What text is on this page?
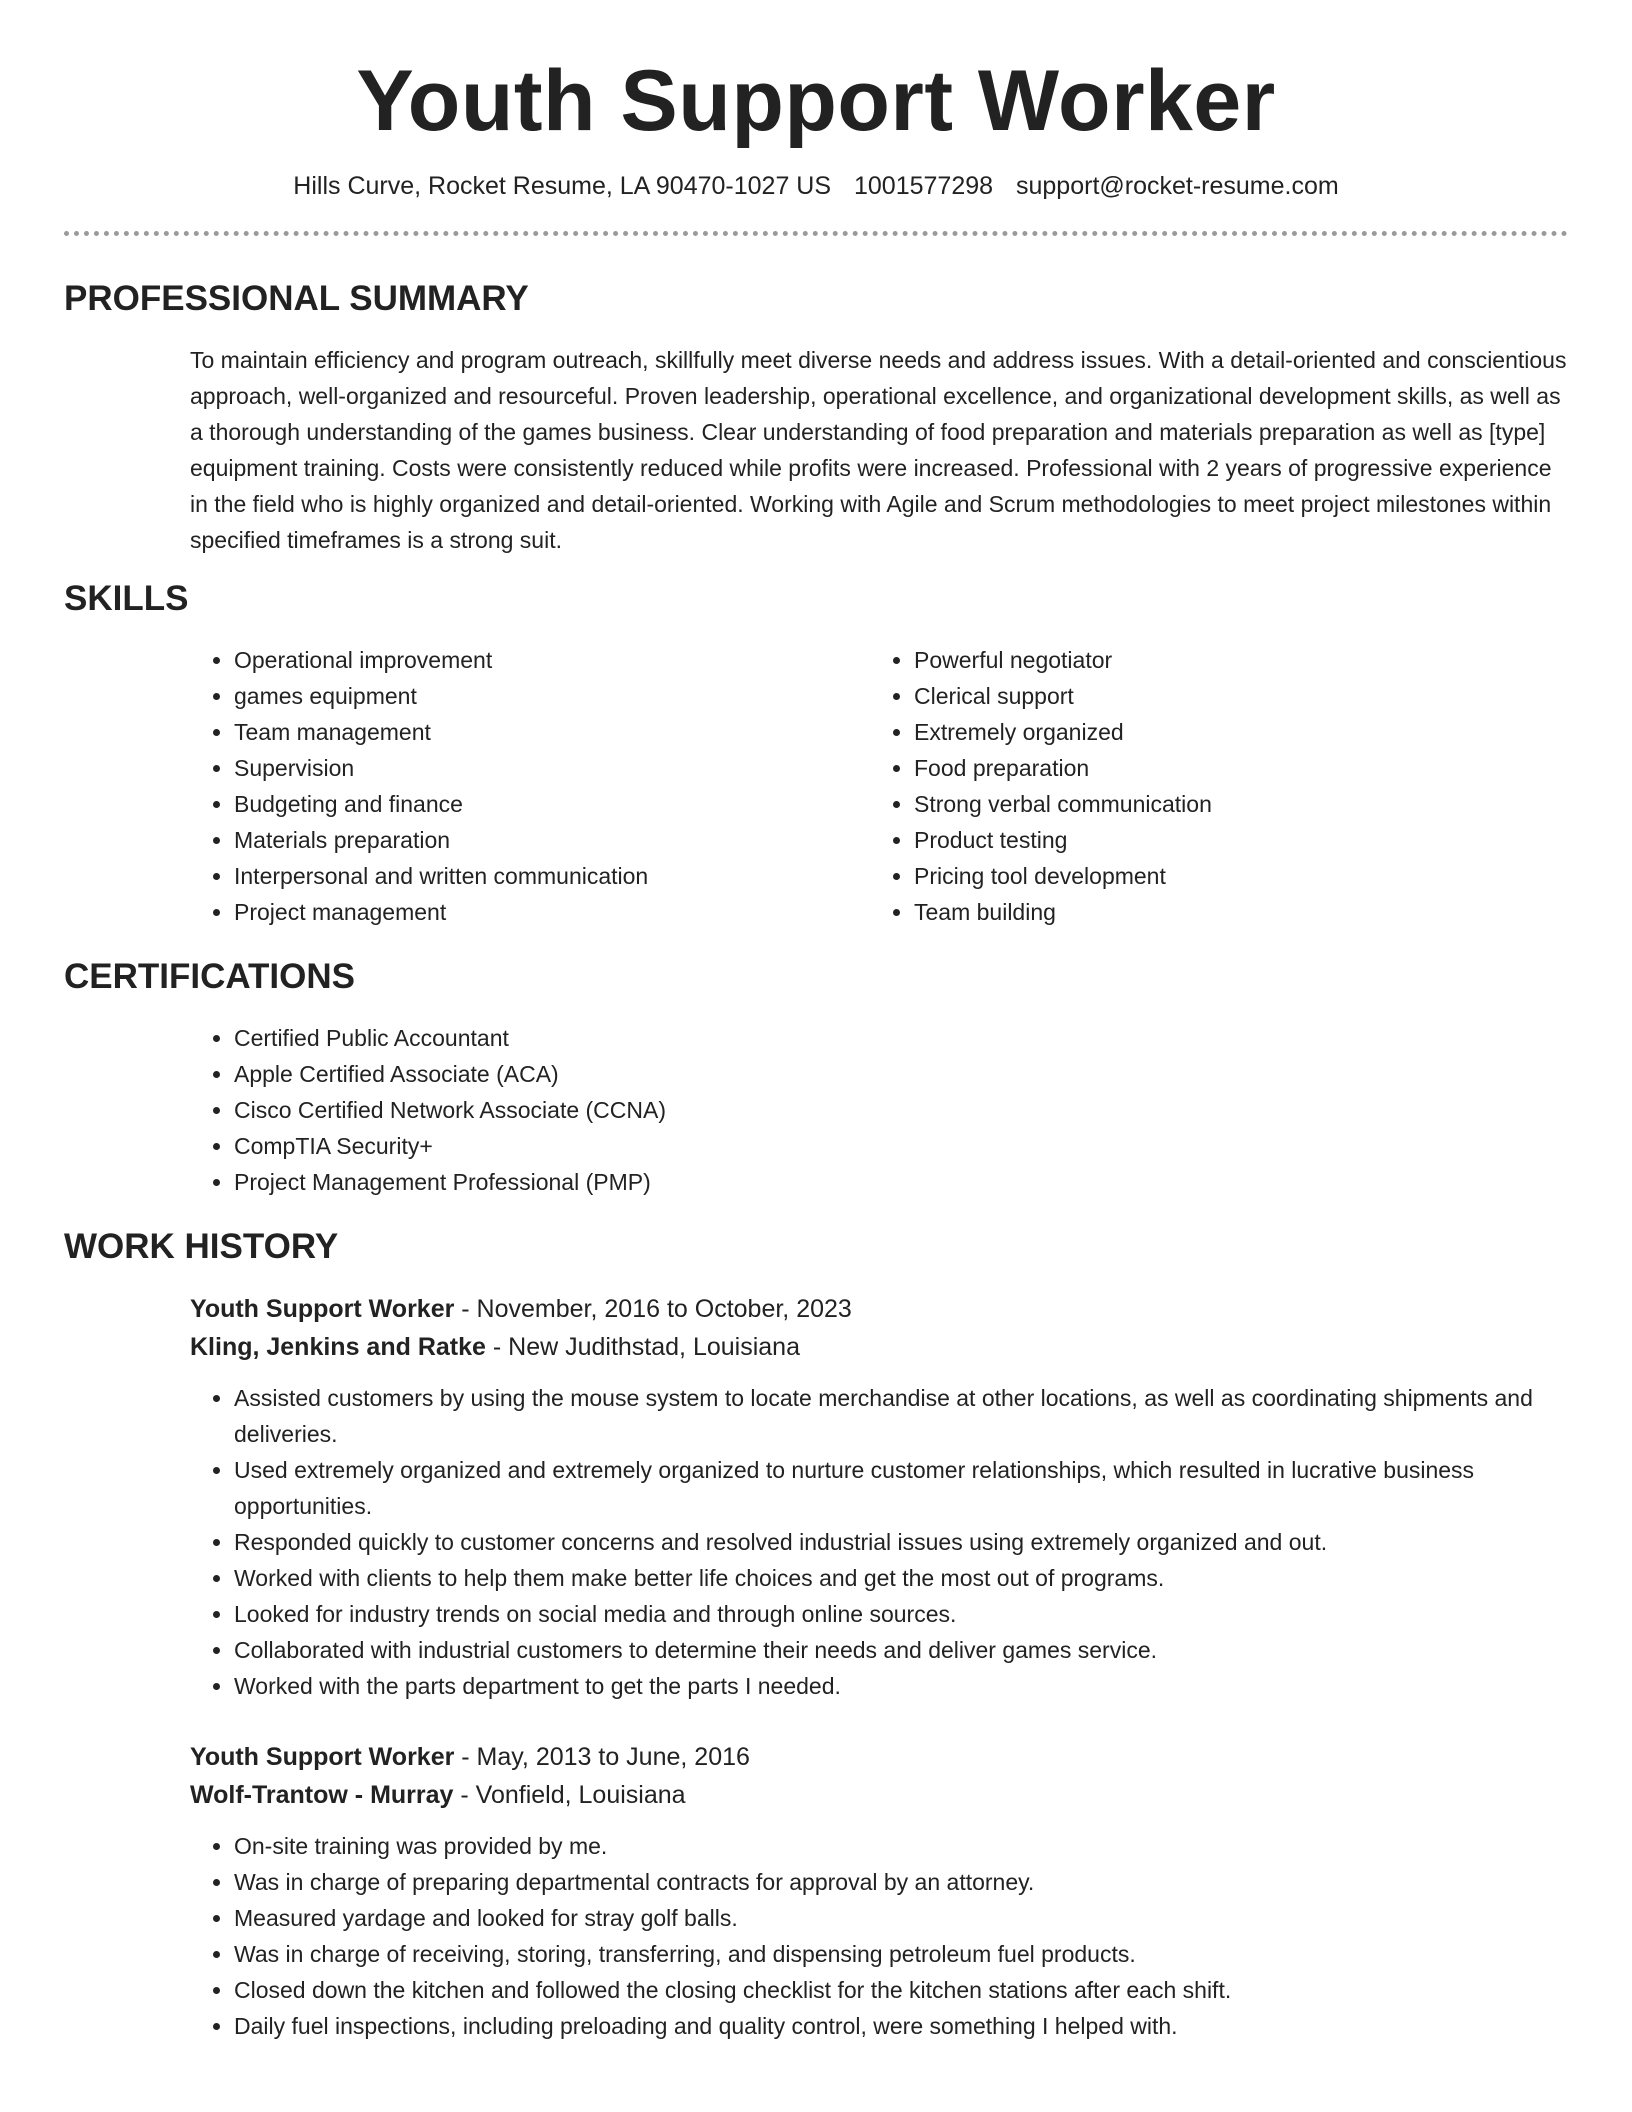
Youth Support Worker
Hills Curve, Rocket Resume, LA 90470-1027 US 1001577298 support@rocket-resume.com
PROFESSIONAL SUMMARY

To maintain efficiency and program outreach, skillfully meet diverse needs and address issues. With a detail-oriented and conscientious approach, well-organized and resourceful. Proven leadership, operational excellence, and organizational development skills, as well as a thorough understanding of the games business. Clear understanding of food preparation and materials preparation as well as [type] equipment training. Costs were consistently reduced while profits were increased. Professional with 2 years of progressive experience in the field who is highly organized and detail-oriented. Working with Agile and Scrum methodologies to meet project milestones within specified timeframes is a strong suit.

SKILLS
• Operational improvement
• games equipment
• Team management
• Supervision
• Budgeting and finance
• Materials preparation
• Interpersonal and written communication
• Project management
• Powerful negotiator
• Clerical support
• Extremely organized
• Food preparation
• Strong verbal communication
• Product testing
• Pricing tool development
• Team building
CERTIFICATIONS
• Certified Public Accountant
• Apple Certified Associate (ACA)
• Cisco Certified Network Associate (CCNA)
• CompTIA Security+
• Project Management Professional (PMP)
WORK HISTORY
Youth Support Worker - November, 2016 to October, 2023
Kling, Jenkins and Ratke - New Judithstad, Louisiana
• Assisted customers by using the mouse system to locate merchandise at other locations, as well as coordinating shipments and deliveries.
• Used extremely organized and extremely organized to nurture customer relationships, which resulted in lucrative business opportunities.
• Responded quickly to customer concerns and resolved industrial issues using extremely organized and out.
• Worked with clients to help them make better life choices and get the most out of programs.
• Looked for industry trends on social media and through online sources.
• Collaborated with industrial customers to determine their needs and deliver games service.
• Worked with the parts department to get the parts I needed.
Youth Support Worker - May, 2013 to June, 2016
Wolf-Trantow - Murray - Vonfield, Louisiana
• On-site training was provided by me.
• Was in charge of preparing departmental contracts for approval by an attorney.
• Measured yardage and looked for stray golf balls.
• Was in charge of receiving, storing, transferring, and dispensing petroleum fuel products.
• Closed down the kitchen and followed the closing checklist for the kitchen stations after each shift.
• Daily fuel inspections, including preloading and quality control, were something I helped with.
